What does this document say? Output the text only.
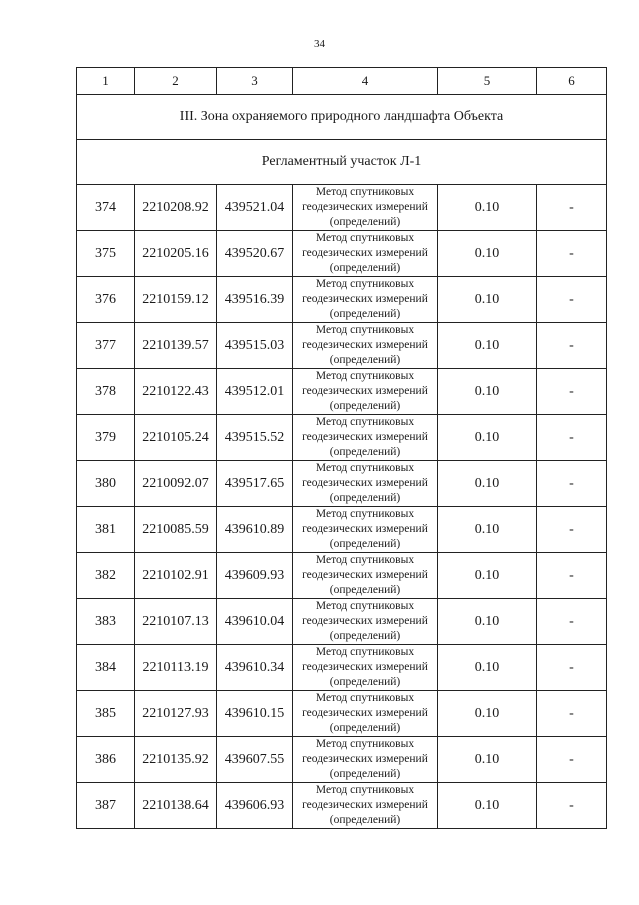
34
1	2	3	4	5	6
III. Зона охраняемого природного ландшафта Объекта					
Регламентный участок Л-1					
374	2210208.92	439521.04	Метод спутниковых
геодезических измерений
(определений)	0.10	-
375	2210205.16	439520.67	Метод спутниковых
геодезических измерений
(определений)	0.10	-
376	2210159.12	439516.39	Метод спутниковых
геодезических измерений
(определений)	0.10	-
377	2210139.57	439515.03	Метод спутниковых
геодезических измерений
(определений)	0.10	-
378	2210122.43	439512.01	Метод спутниковых
геодезических измерений
(определений)	0.10	-
379	2210105.24	439515.52	Метод спутниковых
геодезических измерений
(определений)	0.10	-
380	2210092.07	439517.65	Метод спутниковых
геодезических измерений
(определений)	0.10	-
381	2210085.59	439610.89	Метод спутниковых
геодезических измерений
(определений)	0.10	-
382	2210102.91	439609.93	Метод спутниковых
геодезических измерений
(определений)	0.10	-
383	2210107.13	439610.04	Метод спутниковых
геодезических измерений
(определений)	0.10	-
384	2210113.19	439610.34	Метод спутниковых
геодезических измерений
(определений)	0.10	-
385	2210127.93	439610.15	Метод спутниковых
геодезических измерений
(определений)	0.10	-
386	2210135.92	439607.55	Метод спутниковых
геодезических измерений
(определений)	0.10	-
387	2210138.64	439606.93	Метод спутниковых
геодезических измерений
(определений)	0.10	-
